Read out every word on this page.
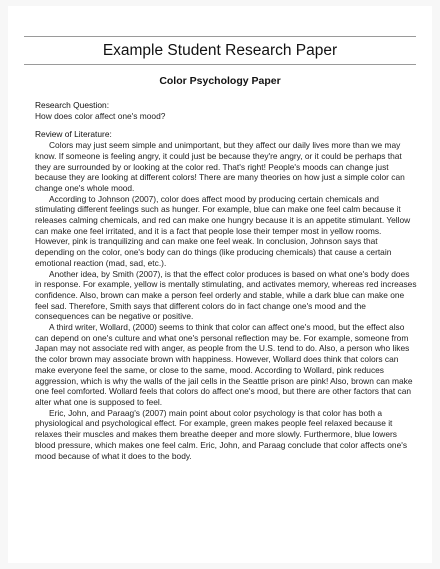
Example Student Research Paper
Color Psychology Paper

Research Question:

How does color affect one's mood?

Review of Literature:

Colors may just seem simple and unimportant, but they affect our daily lives more than we may know. If someone is feeling angry, it could just be because they're angry, or it could be perhaps that they are surrounded by or looking at the color red. That's right! People's moods can change just because they are looking at different colors! There are many theories on how just a simple color can change one's whole mood.

According to Johnson (2007), color does affect mood by producing certain chemicals and stimulating different feelings such as hunger. For example, blue can make one feel calm because it releases calming chemicals, and red can make one hungry because it is an appetite stimulant. Yellow can make one feel irritated, and it is a fact that people lose their temper most in yellow rooms. However, pink is tranquilizing and can make one feel weak. In conclusion, Johnson says that depending on the color, one's body can do things (like producing chemicals) that cause a certain emotional reaction (mad, sad, etc.).

Another idea, by Smith (2007), is that the effect color produces is based on what one's body does in response. For example, yellow is mentally stimulating, and activates memory, whereas red increases confidence. Also, brown can make a person feel orderly and stable, while a dark blue can make one feel sad. Therefore, Smith says that different colors do in fact change one's mood and the consequences can be negative or positive.

A third writer, Wollard, (2000) seems to think that color can affect one's mood, but the effect also can depend on one's culture and what one's personal reflection may be. For example, someone from Japan may not associate red with anger, as people from the U.S. tend to do. Also, a person who likes the color brown may associate brown with happiness. However, Wollard does think that colors can make everyone feel the same, or close to the same, mood. According to Wollard, pink reduces aggression, which is why the walls of the jail cells in the Seattle prison are pink! Also, brown can make one feel comforted. Wollard feels that colors do affect one's mood, but there are other factors that can alter what one is supposed to feel.

Eric, John, and Paraag's (2007) main point about color psychology is that color has both a physiological and psychological effect. For example, green makes people feel relaxed because it relaxes their muscles and makes them breathe deeper and more slowly. Furthermore, blue lowers blood pressure, which makes one feel calm. Eric, John, and Paraag conclude that color affects one's mood because of what it does to the body.
